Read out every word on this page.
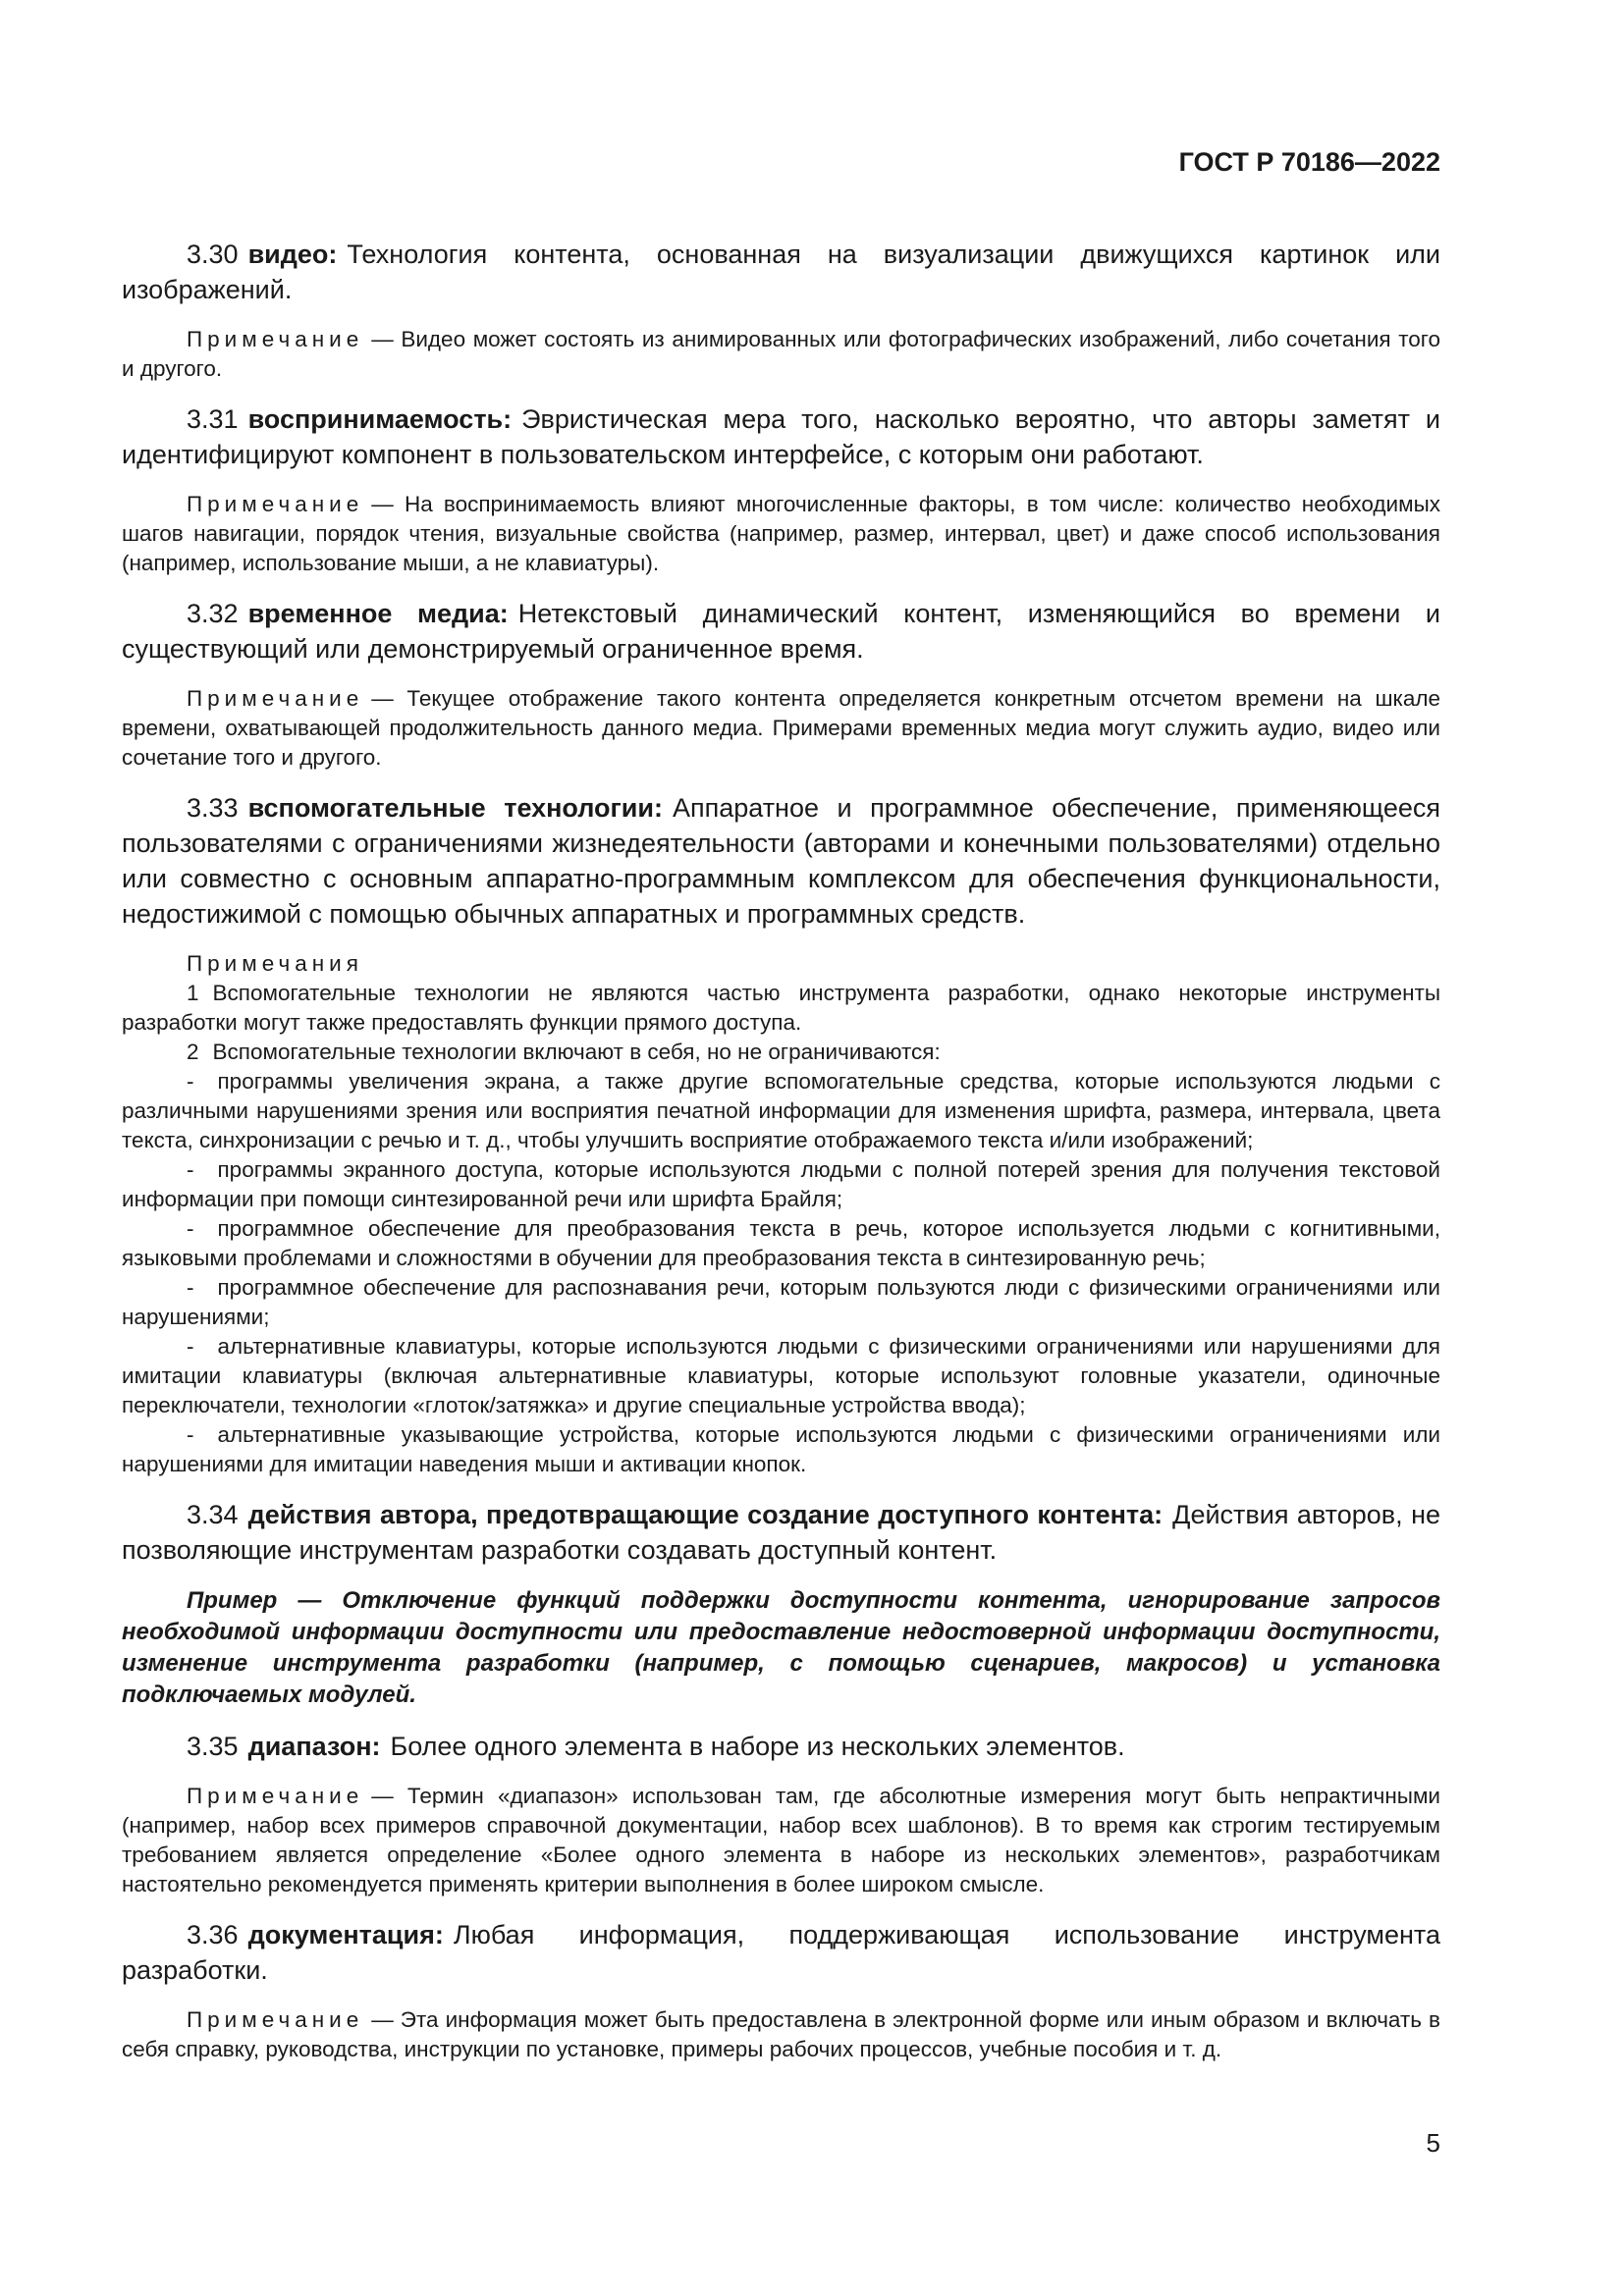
ГОСТ Р 70186—2022

3.30 видео: Технология контента, основанная на визуализации движущихся картинок или изображений.

Примечание — Видео может состоять из анимированных или фотографических изображений, либо сочетания того и другого.

3.31 воспринимаемость: Эвристическая мера того, насколько вероятно, что авторы заметят и идентифицируют компонент в пользовательском интерфейсе, с которым они работают.

Примечание — На воспринимаемость влияют многочисленные факторы, в том числе: количество необходимых шагов навигации, порядок чтения, визуальные свойства (например, размер, интервал, цвет) и даже способ использования (например, использование мыши, а не клавиатуры).

3.32 временное медиа: Нетекстовый динамический контент, изменяющийся во времени и существующий или демонстрируемый ограниченное время.

Примечание — Текущее отображение такого контента определяется конкретным отсчетом времени на шкале времени, охватывающей продолжительность данного медиа. Примерами временных медиа могут служить аудио, видео или сочетание того и другого.

3.33 вспомогательные технологии: Аппаратное и программное обеспечение, применяющееся пользователями с ограничениями жизнедеятельности (авторами и конечными пользователями) отдельно или совместно с основным аппаратно-программным комплексом для обеспечения функциональности, недостижимой с помощью обычных аппаратных и программных средств.

Примечания

1 Вспомогательные технологии не являются частью инструмента разработки, однако некоторые инструменты разработки могут также предоставлять функции прямого доступа.

2 Вспомогательные технологии включают в себя, но не ограничиваются:

- программы увеличения экрана, а также другие вспомогательные средства, которые используются людьми с различными нарушениями зрения или восприятия печатной информации для изменения шрифта, размера, интервала, цвета текста, синхронизации с речью и т. д., чтобы улучшить восприятие отображаемого текста и/или изображений;

- программы экранного доступа, которые используются людьми с полной потерей зрения для получения текстовой информации при помощи синтезированной речи или шрифта Брайля;

- программное обеспечение для преобразования текста в речь, которое используется людьми с когнитивными, языковыми проблемами и сложностями в обучении для преобразования текста в синтезированную речь;

- программное обеспечение для распознавания речи, которым пользуются люди с физическими ограничениями или нарушениями;

- альтернативные клавиатуры, которые используются людьми с физическими ограничениями или нарушениями для имитации клавиатуры (включая альтернативные клавиатуры, которые используют головные указатели, одиночные переключатели, технологии «глоток/затяжка» и другие специальные устройства ввода);

- альтернативные указывающие устройства, которые используются людьми с физическими ограничениями или нарушениями для имитации наведения мыши и активации кнопок.

3.34 действия автора, предотвращающие создание доступного контента: Действия авторов, не позволяющие инструментам разработки создавать доступный контент.

Пример — Отключение функций поддержки доступности контента, игнорирование запросов необходимой информации доступности или предоставление недостоверной информации доступности, изменение инструмента разработки (например, с помощью сценариев, макросов) и установка подключаемых модулей.

3.35 диапазон: Более одного элемента в наборе из нескольких элементов.

Примечание — Термин «диапазон» использован там, где абсолютные измерения могут быть непрактичными (например, набор всех примеров справочной документации, набор всех шаблонов). В то время как строгим тестируемым требованием является определение «Более одного элемента в наборе из нескольких элементов», разработчикам настоятельно рекомендуется применять критерии выполнения в более широком смысле.

3.36 документация: Любая информация, поддерживающая использование инструмента разработки.

Примечание — Эта информация может быть предоставлена в электронной форме или иным образом и включать в себя справку, руководства, инструкции по установке, примеры рабочих процессов, учебные пособия и т. д.

5
